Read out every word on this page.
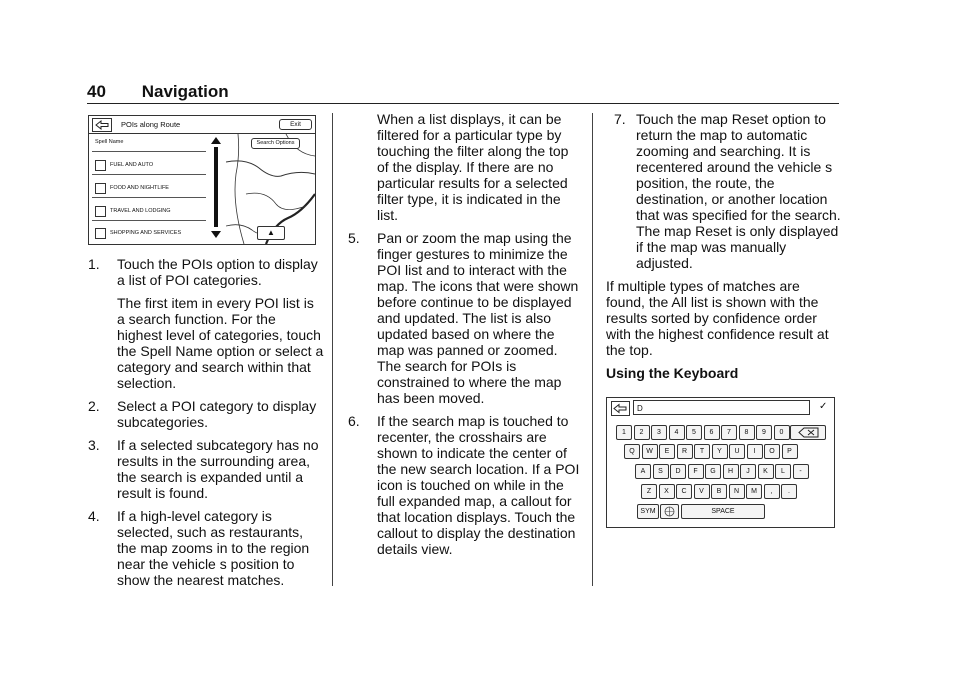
40 Navigation
POIs along Route	Exit
Spell Name
FUEL AND AUTO
FOOD AND NIGHTLIFE
TRAVEL AND LODGING
SHOPPING AND SERVICES
Search Options
▲
1. Touch the POIs option to display a list of POI categories.
The first item in every POI list is a search function. For the highest level of categories, touch the Spell Name option or select a category and search within that selection.
2. Select a POI category to display subcategories.
3. If a selected subcategory has no results in the surrounding area, the search is expanded until a result is found.
4. If a high-level category is selected, such as restaurants, the map zooms in to the region near the vehicle s position to show the nearest matches.
When a list displays, it can be filtered for a particular type by touching the filter along the top of the display. If there are no particular results for a selected filter type, it is indicated in the list.
5. Pan or zoom the map using the finger gestures to minimize the POI list and to interact with the map. The icons that were shown before continue to be displayed and updated. The list is also updated based on where the map was panned or zoomed. The search for POIs is constrained to where the map has been moved.
6. If the search map is touched to recenter, the crosshairs are shown to indicate the center of the new search location. If a POI icon is touched on while in the full expanded map, a callout for that location displays. Touch the callout to display the destination details view.
7. Touch the map Reset option to return the map to automatic zooming and searching. It is recentered around the vehicle s position, the route, the destination, or another location that was specified for the search. The map Reset is only displayed if the map was manually adjusted.

If multiple types of matches are found, the All list is shown with the results sorted by confidence order with the highest confidence result at the top.

Using the Keyboard

D	✓
1	2	3	4	5	6	7	8	9	0
Q	W	E	R	T	Y	U	I	O	P
A	S	D	F	G	H	J	K	L	-
Z	X	C	V	B	N	M	,	.
SYM	SPACE
